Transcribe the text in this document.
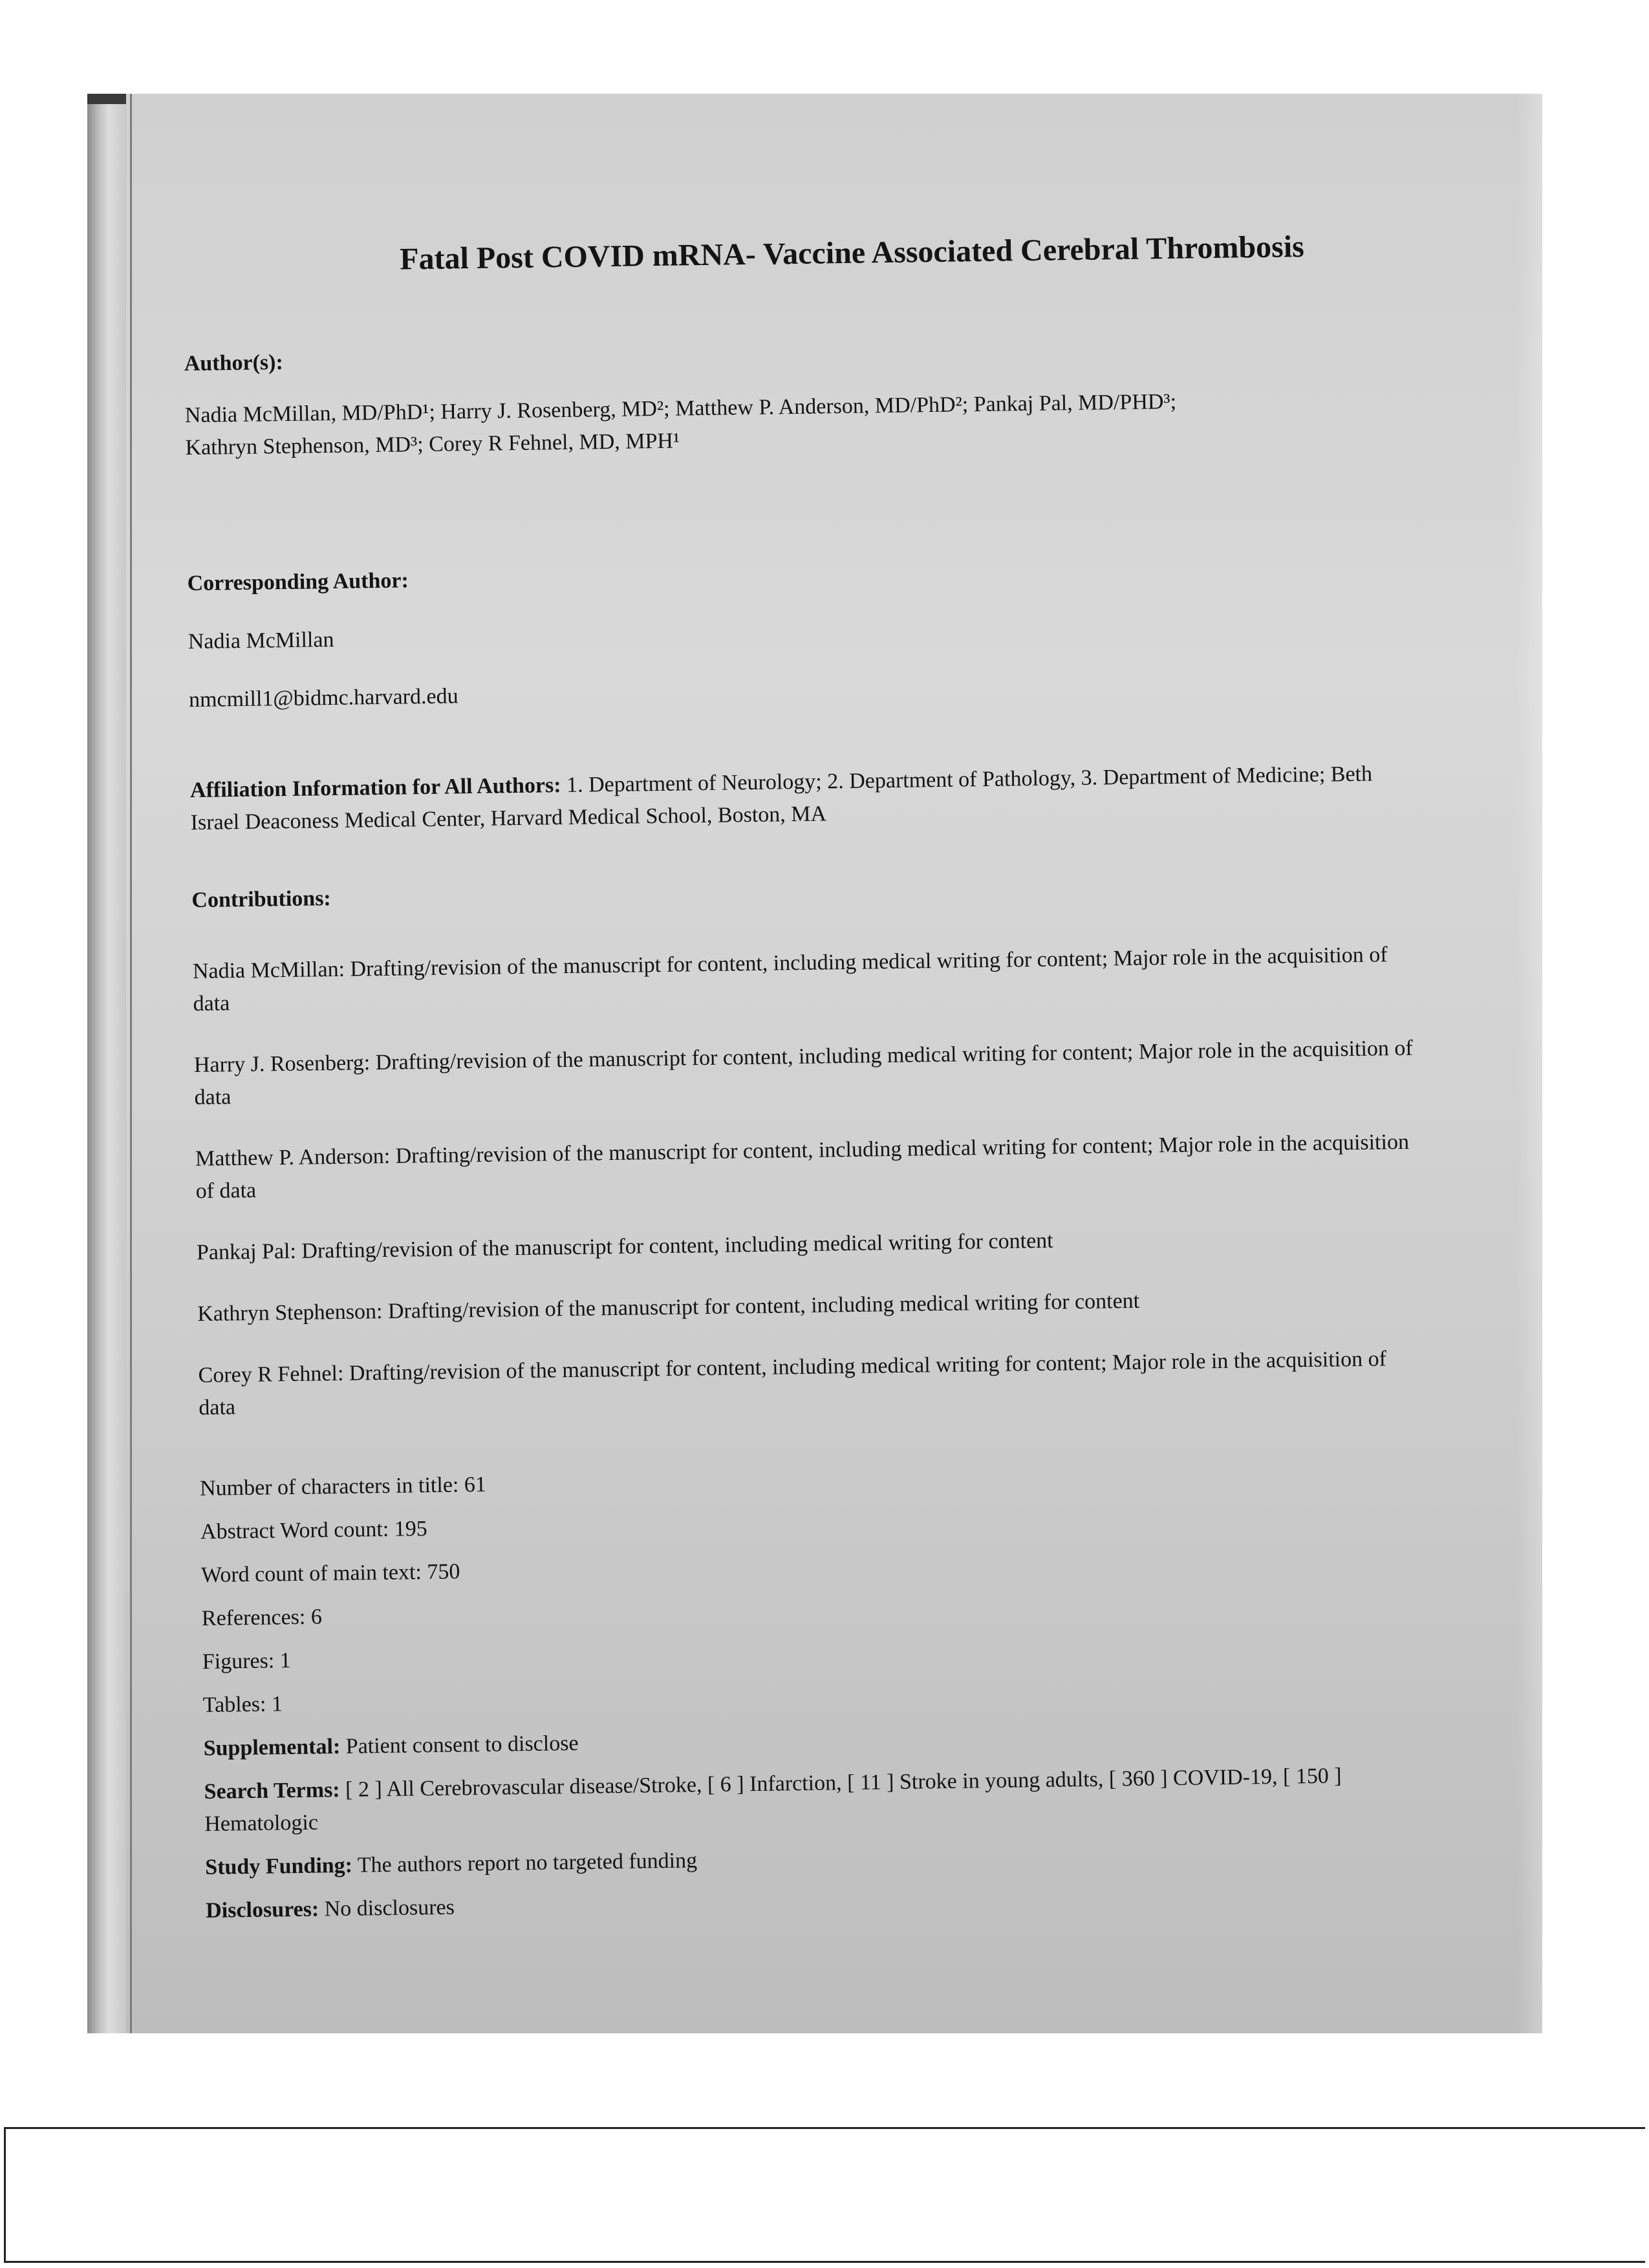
Fatal Post COVID mRNA- Vaccine Associated Cerebral Thrombosis

Author(s):

Nadia McMillan, MD/PhD¹; Harry J. Rosenberg, MD²; Matthew P. Anderson, MD/PhD²; Pankaj Pal, MD/PHD³;
Kathryn Stephenson, MD³; Corey R Fehnel, MD, MPH¹

Corresponding Author:

Nadia McMillan

nmcmill1@bidmc.harvard.edu

Affiliation Information for All Authors: 1. Department of Neurology; 2. Department of Pathology, 3. Department of Medicine; Beth Israel Deaconess Medical Center, Harvard Medical School, Boston, MA

Contributions:

Nadia McMillan: Drafting/revision of the manuscript for content, including medical writing for content; Major role in the acquisition of data

Harry J. Rosenberg: Drafting/revision of the manuscript for content, including medical writing for content; Major role in the acquisition of data

Matthew P. Anderson: Drafting/revision of the manuscript for content, including medical writing for content; Major role in the acquisition of data

Pankaj Pal: Drafting/revision of the manuscript for content, including medical writing for content

Kathryn Stephenson: Drafting/revision of the manuscript for content, including medical writing for content

Corey R Fehnel: Drafting/revision of the manuscript for content, including medical writing for content; Major role in the acquisition of data

Number of characters in title: 61

Abstract Word count: 195

Word count of main text: 750

References: 6

Figures: 1

Tables: 1

Supplemental: Patient consent to disclose

Search Terms: [ 2 ] All Cerebrovascular disease/Stroke, [ 6 ] Infarction, [ 11 ] Stroke in young adults, [ 360 ] COVID-19, [ 150 ] Hematologic

Study Funding: The authors report no targeted funding

Disclosures: No disclosures
